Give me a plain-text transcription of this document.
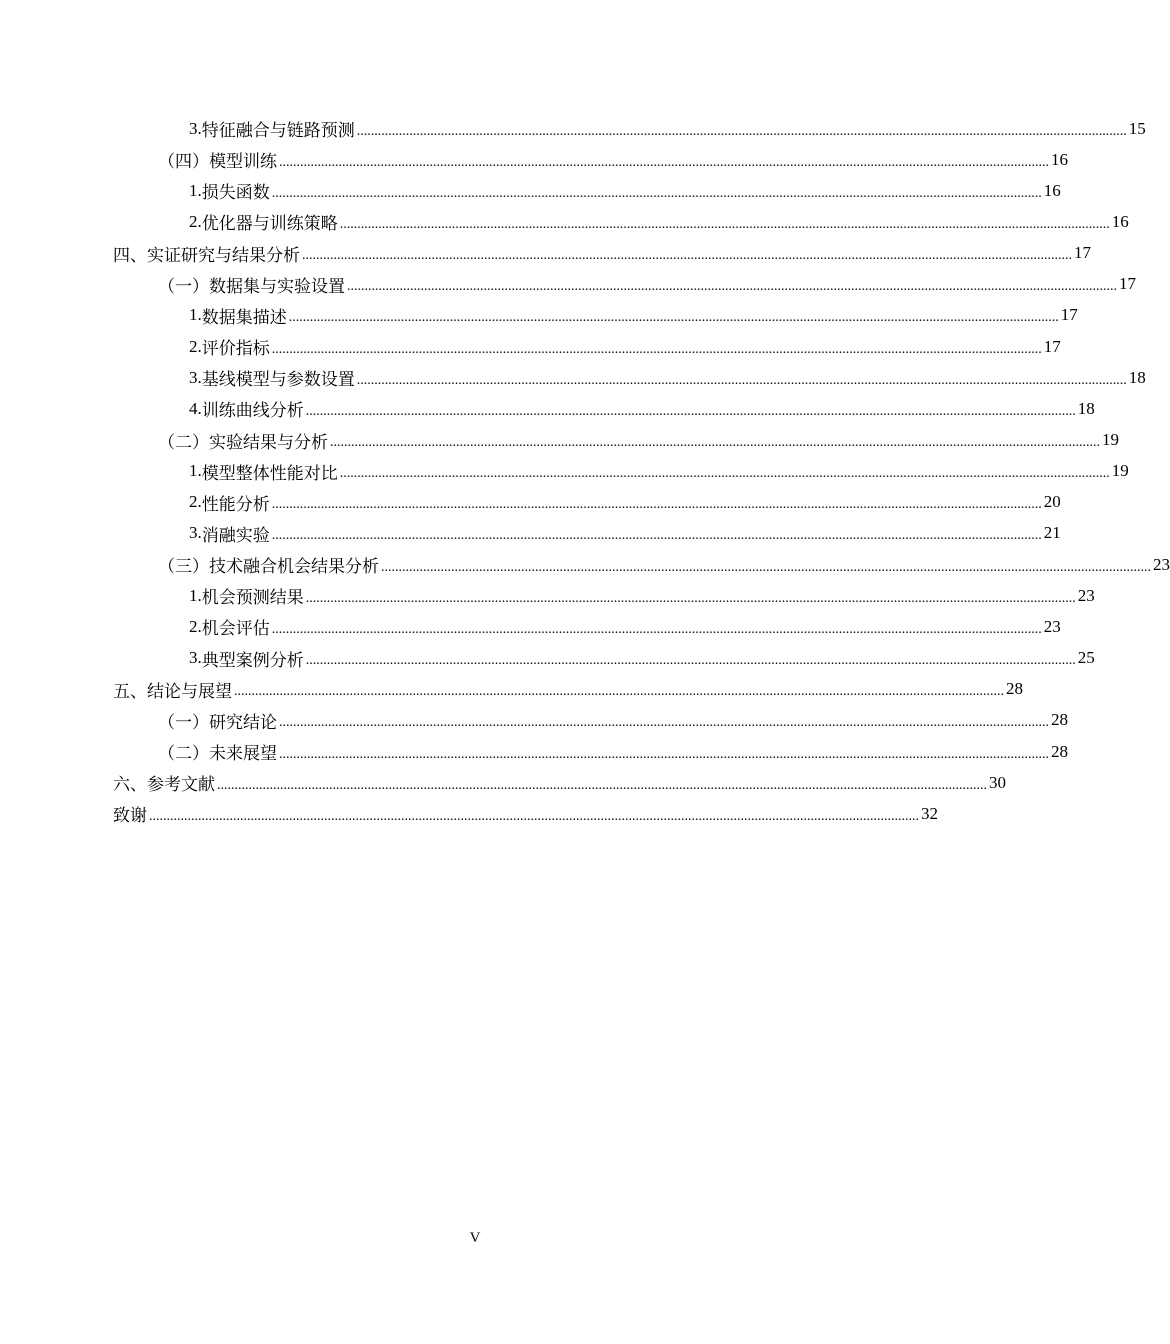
3. 特征融合与链路预测 ............................................................................................................................................................................................................................ 15
（四） 模型训练 ............................................................................................................................................................................................................................ 16
1. 损失函数 ............................................................................................................................................................................................................................ 16
2. 优化器与训练策略 ............................................................................................................................................................................................................................ 16
四、 实证研究与结果分析 ............................................................................................................................................................................................................................ 17
（一） 数据集与实验设置 ............................................................................................................................................................................................................................ 17
1. 数据集描述 ............................................................................................................................................................................................................................ 17
2. 评价指标 ............................................................................................................................................................................................................................ 17
3. 基线模型与参数设置 ............................................................................................................................................................................................................................ 18
4. 训练曲线分析 ............................................................................................................................................................................................................................ 18
（二） 实验结果与分析 ............................................................................................................................................................................................................................ 19
1. 模型整体性能对比 ............................................................................................................................................................................................................................ 19
2. 性能分析 ............................................................................................................................................................................................................................ 20
3. 消融实验 ............................................................................................................................................................................................................................ 21
（三） 技术融合机会结果分析 ............................................................................................................................................................................................................................ 23
1. 机会预测结果 ............................................................................................................................................................................................................................ 23
2. 机会评估 ............................................................................................................................................................................................................................ 23
3. 典型案例分析 ............................................................................................................................................................................................................................ 25
五、 结论与展望 ............................................................................................................................................................................................................................ 28
（一） 研究结论 ............................................................................................................................................................................................................................ 28
（二） 未来展望 ............................................................................................................................................................................................................................ 28
六、 参考文献 ............................................................................................................................................................................................................................ 30
致谢 ............................................................................................................................................................................................................................ 32
V
